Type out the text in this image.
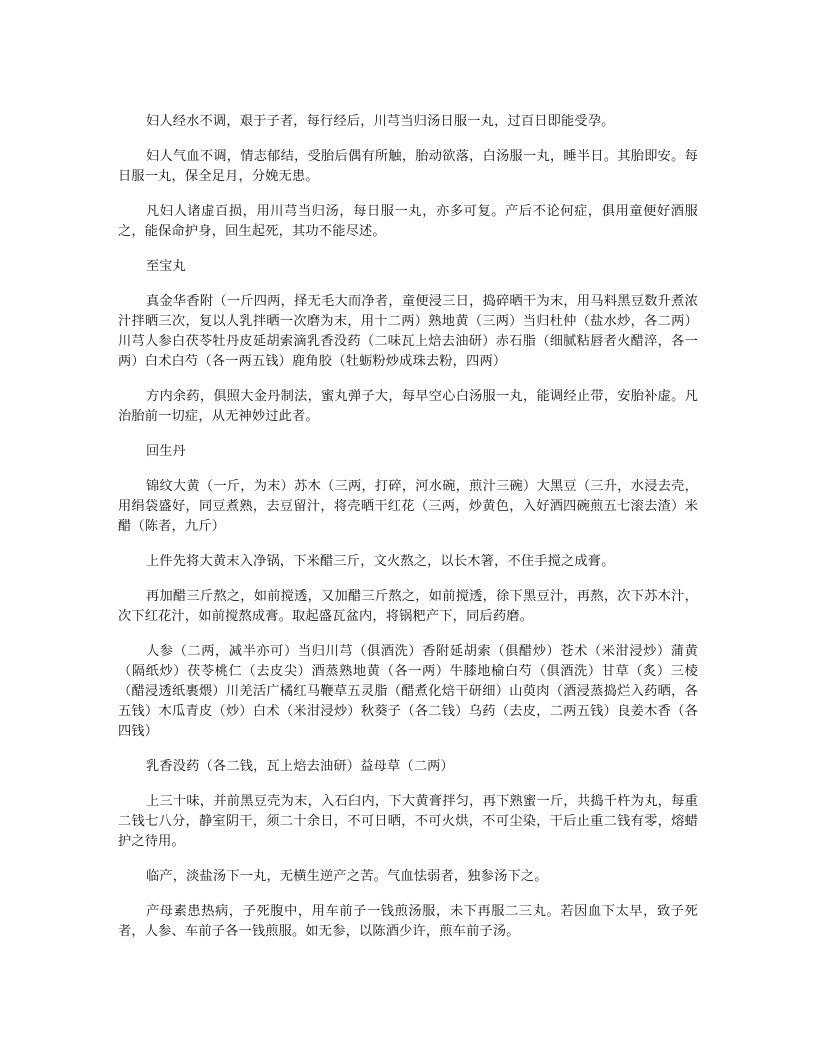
妇人经水不调，艰于子者，每行经后，川芎当归汤日服一丸，过百日即能受孕。

妇人气血不调，情志郁结，受胎后偶有所触，胎动欲落，白汤服一丸，睡半日。其胎即安。每日服一丸，保全足月，分娩无患。

凡妇人诸虚百损，用川芎当归汤，每日服一丸，亦多可复。产后不论何症，俱用童便好酒服之，能保命护身，回生起死，其功不能尽述。

至宝丸

真金华香附（一斤四两，择无毛大而净者，童便浸三日，捣碎晒干为末，用马料黑豆数升煮浓汁拌晒三次，复以人乳拌晒一次磨为末，用十二两）熟地黄（三两）当归杜仲（盐水炒，各二两）川芎人参白茯苓牡丹皮延胡索滴乳香没药（二味瓦上焙去油研）赤石脂（细腻粘唇者火醋淬，各一两）白术白芍（各一两五钱）鹿角胶（牡蛎粉炒成珠去粉，四两）

方内余药，俱照大金丹制法，蜜丸弹子大，每早空心白汤服一丸，能调经止带，安胎补虚。凡治胎前一切症，从无神妙过此者。

回生丹

锦纹大黄（一斤，为末）苏木（三两，打碎，河水碗，煎汁三碗）大黑豆（三升，水浸去壳，用绢袋盛好，同豆煮熟，去豆留汁，将壳晒干红花（三两，炒黄色，入好酒四碗煎五七滚去渣）米醋（陈者，九斤）

上件先将大黄末入净锅，下米醋三斤，文火熬之，以长木箸，不住手搅之成膏。

再加醋三斤熬之，如前搅透，又加醋三斤熬之，如前搅透，徐下黑豆汁，再熬，次下苏木汁，次下红花汁，如前搅熬成膏。取起盛瓦盆内，将锅粑产下，同后药磨。

人参（二两，减半亦可）当归川芎（俱酒洗）香附延胡索（俱醋炒）苍术（米泔浸炒）蒲黄（隔纸炒）茯苓桃仁（去皮尖）酒蒸熟地黄（各一两）牛膝地榆白芍（俱酒洗）甘草（炙）三棱（醋浸透纸裹煨）川羌活广橘红马鞭草五灵脂（醋煮化焙干研细）山萸肉（酒浸蒸捣烂入药晒，各五钱）木瓜青皮（炒）白术（米泔浸炒）秋葵子（各二钱）乌药（去皮，二两五钱）良姜木香（各四钱）

乳香没药（各二钱，瓦上焙去油研）益母草（二两）

上三十味，并前黑豆壳为末，入石臼内，下大黄膏拌匀，再下熟蜜一斤，共捣千杵为丸，每重二钱七八分，静室阴干，须二十余日，不可日晒，不可火烘，不可尘染，干后止重二钱有零，熔蜡护之待用。

临产，淡盐汤下一丸，无横生逆产之苦。气血怯弱者，独参汤下之。

产母素患热病，子死腹中，用车前子一钱煎汤服，未下再服二三丸。若因血下太早，致子死者，人参、车前子各一钱煎服。如无参，以陈酒少许，煎车前子汤。
